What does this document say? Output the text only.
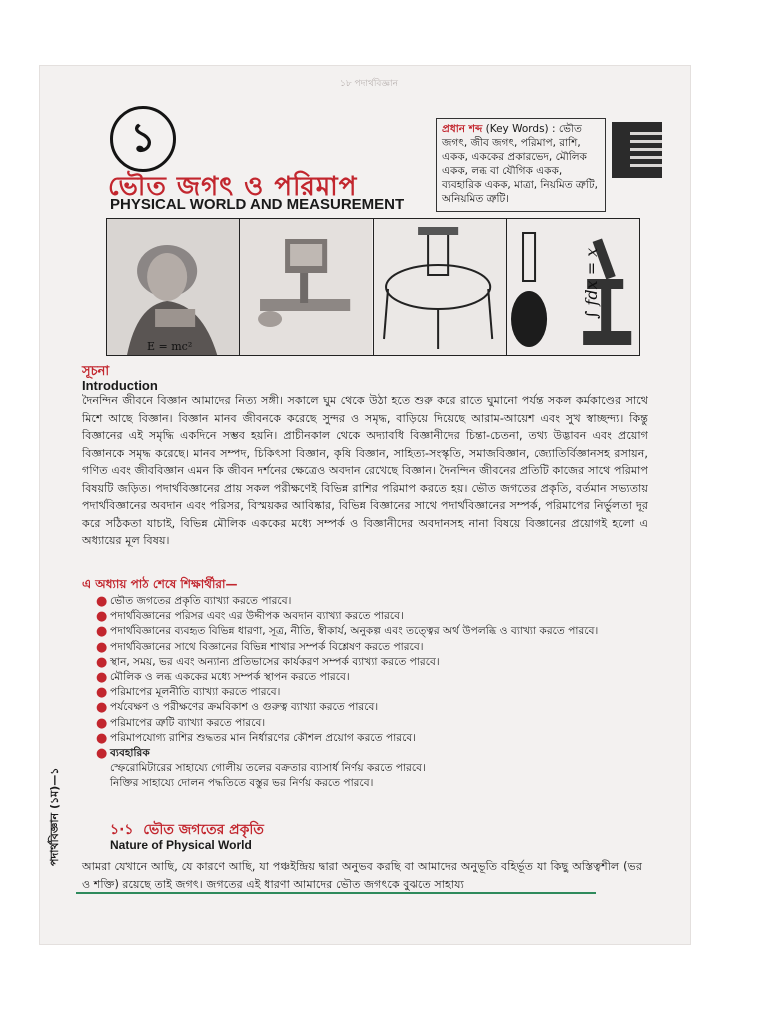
১৮ পদার্থবিজ্ঞান
১
ভৌত জগৎ ও পরিমাপ
PHYSICAL WORLD AND MEASUREMENT
প্রধান শব্দ (Key Words) : ভৌত জগৎ, জীব জগৎ, পরিমাপ, রাশি, একক, এককের প্রকারভেদ, মৌলিক একক, লব্ধ বা যৌগিক একক, ব্যবহারিক একক, মাত্রা, নিয়মিত ত্রুটি, অনিয়মিত ত্রুটি।
E = mc²
∫ fdx = x
সূচনা
Introduction
দৈনন্দিন জীবনে বিজ্ঞান আমাদের নিত্য সঙ্গী। সকালে ঘুম থেকে উঠা হতে শুরু করে রাতে ঘুমানো পর্যন্ত সকল কর্মকাণ্ডের সাথে মিশে আছে বিজ্ঞান। বিজ্ঞান মানব জীবনকে করেছে সুন্দর ও সমৃদ্ধ, বাড়িয়ে দিয়েছে আরাম-আয়েশ এবং সুখ স্বাচ্ছন্দ্য। কিন্তু বিজ্ঞানের এই সমৃদ্ধি একদিনে সম্ভব হয়নি। প্রাচীনকাল থেকে অদ্যাবধি বিজ্ঞানীদের চিন্তা-চেতনা, তথ্য উদ্ভাবন এবং প্রয়োগ বিজ্ঞানকে সমৃদ্ধ করেছে। মানব সম্পদ, চিকিৎসা বিজ্ঞান, কৃষি বিজ্ঞান, সাহিত্য-সংস্কৃতি, সমাজবিজ্ঞান, জ্যোতির্বিজ্ঞানসহ রসায়ন, গণিত এবং জীববিজ্ঞান এমন কি জীবন দর্শনের ক্ষেত্রেও অবদান রেখেছে বিজ্ঞান। দৈনন্দিন জীবনের প্রতিটি কাজের সাথে পরিমাপ বিষয়টি জড়িত। পদার্থবিজ্ঞানের প্রায় সকল পরীক্ষণেই বিভিন্ন রাশির পরিমাপ করতে হয়। ভৌত জগতের প্রকৃতি, বর্তমান সভ্যতায় পদার্থবিজ্ঞানের অবদান এবং পরিসর, বিস্ময়কর আবিষ্কার, বিভিন্ন বিজ্ঞানের সাথে পদার্থবিজ্ঞানের সম্পর্ক, পরিমাপের নির্ভুলতা দূর করে সঠিকতা যাচাই, বিভিন্ন মৌলিক এককের মধ্যে সম্পর্ক ও বিজ্ঞানীদের অবদানসহ নানা বিষয়ে বিজ্ঞানের প্রয়োগই হলো এ অধ্যায়ের মূল বিষয়।
এ অধ্যায় পাঠ শেষে শিক্ষার্থীরা—
● ভৌত জগতের প্রকৃতি ব্যাখ্যা করতে পারবে।
● পদার্থবিজ্ঞানের পরিসর এবং এর উদ্দীপক অবদান ব্যাখ্যা করতে পারবে।
● পদার্থবিজ্ঞানের ব্যবহৃত বিভিন্ন ধারণা, সূত্র, নীতি, স্বীকার্য, অনুকল্প এবং তত্ত্বের অর্থ উপলব্ধি ও ব্যাখ্যা করতে পারবে।
● পদার্থবিজ্ঞানের সাথে বিজ্ঞানের বিভিন্ন শাখার সম্পর্ক বিশ্লেষণ করতে পারবে।
● স্থান, সময়, ভর এবং অন্যান্য প্রতিভাসের কার্যকরণ সম্পর্ক ব্যাখ্যা করতে পারবে।
● মৌলিক ও লব্ধ এককের মধ্যে সম্পর্ক স্থাপন করতে পারবে।
● পরিমাপের মূলনীতি ব্যাখ্যা করতে পারবে।
● পর্যবেক্ষণ ও পরীক্ষণের ক্রমবিকাশ ও গুরুত্ব ব্যাখ্যা করতে পারবে।
● পরিমাপের ত্রুটি ব্যাখ্যা করতে পারবে।
● পরিমাপযোগ্য রাশির শুদ্ধতর মান নির্ধারণের কৌশল প্রয়োগ করতে পারবে।
● ব্যবহারিক
স্ফেরোমিটারের সাহায্যে গোলীয় তলের বক্রতার ব্যাসার্ধ নির্ণয় করতে পারবে।
নিক্তির সাহায্যে দোলন পদ্ধতিতে বস্তুর ভর নির্ণয় করতে পারবে।
১·১ ভৌত জগতের প্রকৃতি
Nature of Physical World
আমরা যেখানে আছি, যে কারণে আছি, যা পঞ্চইন্দ্রিয় দ্বারা অনুভব করছি বা আমাদের অনুভূতি বহির্ভূত যা কিছু অস্তিত্বশীল (ভর ও শক্তি) রয়েছে তাই জগৎ। জগতের এই ধারণা আমাদের ভৌত জগৎকে বুঝতে সাহায্য
পদার্থবিজ্ঞান (১ম)—১
